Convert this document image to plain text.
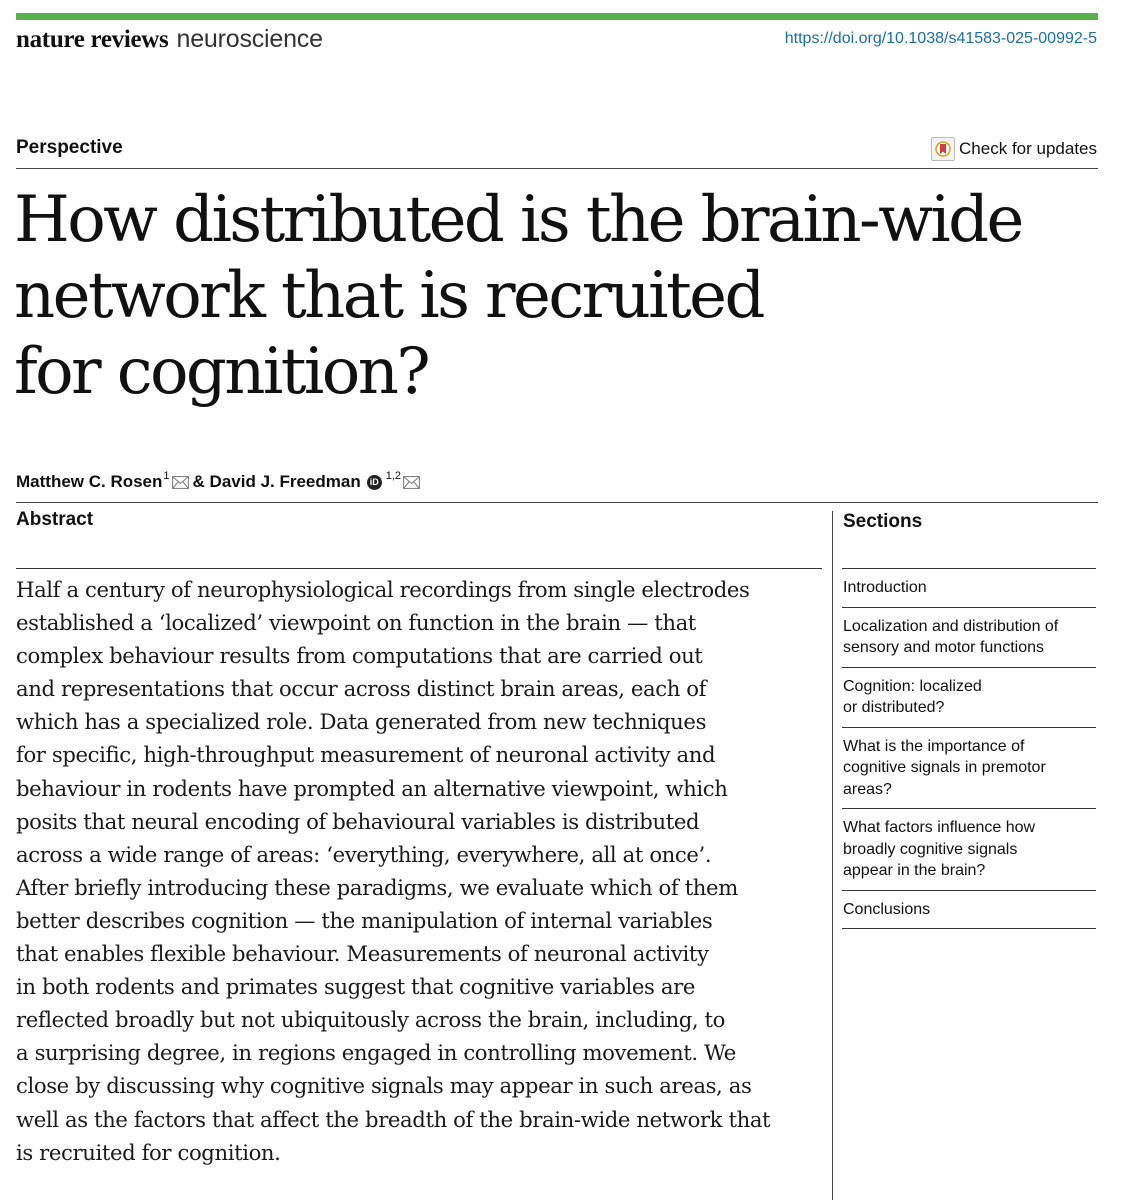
nature reviews neuroscience	https://doi.org/10.1038/s41583-025-00992-5
Perspective	Check for updates
How distributed is the brain-wide
network that is recruited
for cognition?
Matthew C. Rosen$^1$ &
David J. Freedman	iD $^{1,2}$
Abstract

Half a century of neurophysiological recordings from single electrodes
established a ‘localized’ viewpoint on function in the brain — that
complex behaviour results from computations that are carried out
and representations that occur across distinct brain areas, each of
which has a specialized role. Data generated from new techniques
for specific, high-throughput measurement of neuronal activity and
behaviour in rodents have prompted an alternative viewpoint, which
posits that neural encoding of behavioural variables is distributed
across a wide range of areas: ‘everything, everywhere, all at once’.
After briefly introducing these paradigms, we evaluate which of them
better describes cognition — the manipulation of internal variables
that enables flexible behaviour. Measurements of neuronal activity
in both rodents and primates suggest that cognitive variables are
reflected broadly but not ubiquitously across the brain, including, to
a surprising degree, in regions engaged in controlling movement. We
close by discussing why cognitive signals may appear in such areas, as
well as the factors that affect the breadth of the brain-wide network that
is recruited for cognition.

Sections
Introduction
Localization and distribution of
sensory and motor functions
Cognition: localized
or distributed?
What is the importance of
cognitive signals in premotor
areas?
What factors influence how
broadly cognitive signals
appear in the brain?
Conclusions
